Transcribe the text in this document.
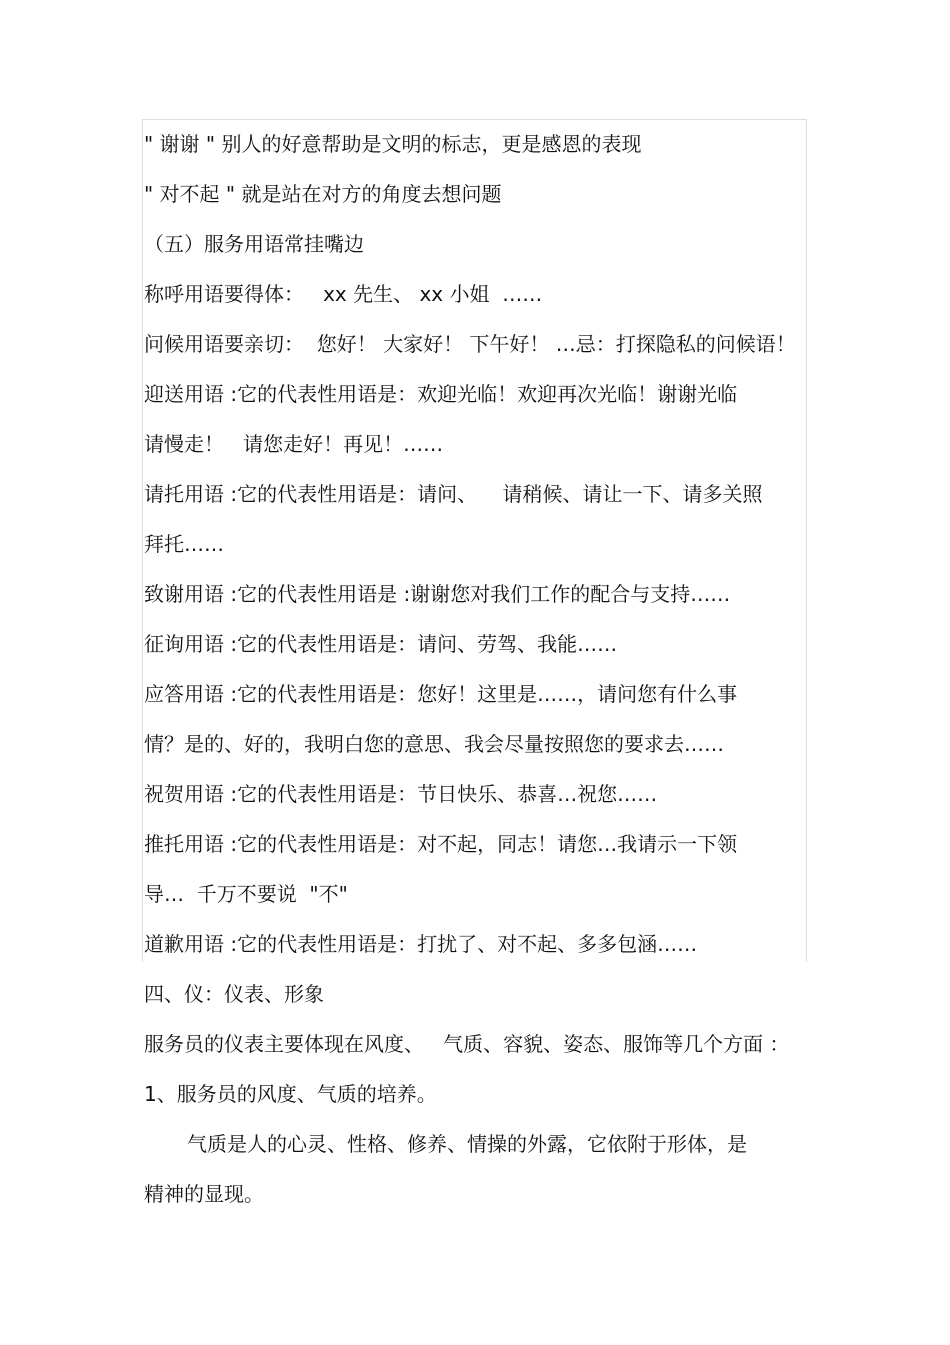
" 谢谢 " 别人的好意帮助是文明的标志，更是感恩的表现
" 对不起 " 就是站在对方的角度去想问题
（五）服务用语常挂嘴边
称呼用语要得体：   xx 先生、 xx 小姐  ……
问候用语要亲切：  您好！ 大家好！ 下午好！ …忌：打探隐私的问候语！
迎送用语 :它的代表性用语是：欢迎光临！欢迎再次光临！谢谢光临
请慢走！   请您走好！再见！……
请托用语 :它的代表性用语是：请问、    请稍候、请让一下、请多关照
拜托……
致谢用语 :它的代表性用语是 :谢谢您对我们工作的配合与支持……
征询用语 :它的代表性用语是：请问、劳驾、我能……
应答用语 :它的代表性用语是：您好！这里是……，请问您有什么事
情？是的、好的，我明白您的意思、我会尽量按照您的要求去……
祝贺用语 :它的代表性用语是：节日快乐、恭喜…祝您……
推托用语 :它的代表性用语是：对不起，同志！请您…我请示一下领
导…  千万不要说  "不"
道歉用语 :它的代表性用语是：打扰了、对不起、多多包涵……
四、仪：仪表、形象
服务员的仪表主要体现在风度、   气质、容貌、姿态、服饰等几个方面 ：
1、服务员的风度、气质的培养。
气质是人的心灵、性格、修养、情操的外露，它依附于形体，是
精神的显现。
